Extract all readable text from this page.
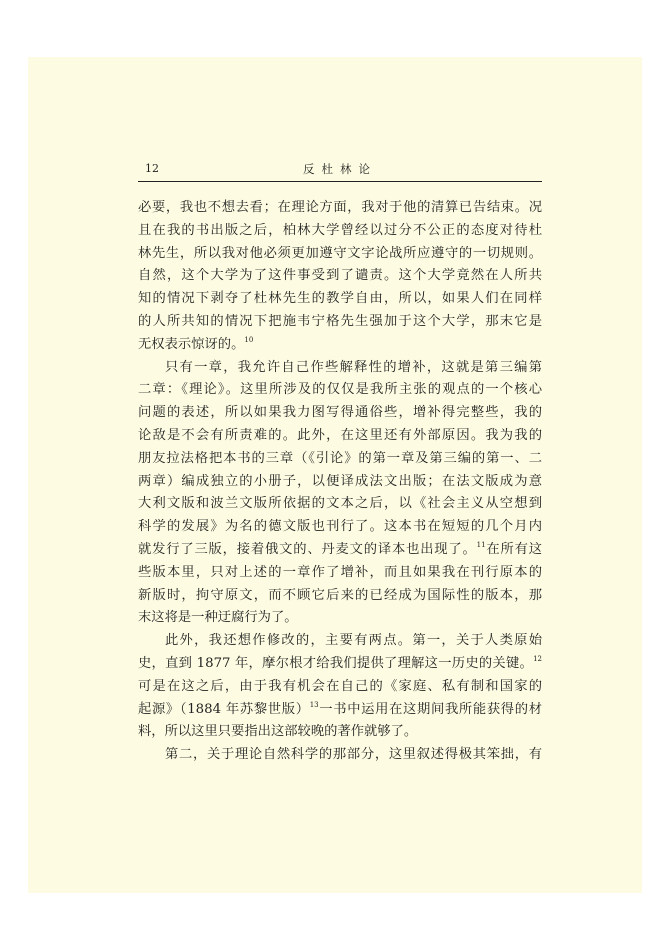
12	反杜林论
必要，我也不想去看；在理论方面，我对于他的清算已告结束。况
且在我的书出版之后，柏林大学曾经以过分不公正的态度对待杜
林先生，所以我对他必须更加遵守文字论战所应遵守的一切规则。
自然，这个大学为了这件事受到了谴责。这个大学竟然在人所共
知的情况下剥夺了杜林先生的教学自由，所以，如果人们在同样
的人所共知的情况下把施韦宁格先生强加于这个大学，那末它是
无权表示惊讶的。$^{10}$
只有一章，我允许自己作些解释性的增补，这就是第三编第
二章：《理论》。这里所涉及的仅仅是我所主张的观点的一个核心
问题的表述，所以如果我力图写得通俗些，增补得完整些，我的
论敌是不会有所责难的。此外，在这里还有外部原因。我为我的
朋友拉法格把本书的三章（《引论》的第一章及第三编的第一、二
两章）编成独立的小册子，以便译成法文出版；在法文版成为意
大利文版和波兰文版所依据的文本之后，以《社会主义从空想到
科学的发展》为名的德文版也刊行了。这本书在短短的几个月内
就发行了三版，接着俄文的、丹麦文的译本也出现了。$^{11}$在所有这
些版本里，只对上述的一章作了增补，而且如果我在刊行原本的
新版时，拘守原文，而不顾它后来的已经成为国际性的版本，那
末这将是一种迂腐行为了。
此外，我还想作修改的，主要有两点。第一，关于人类原始
史，直到 1877 年，摩尔根才给我们提供了理解这一历史的关键。$^{12}$
可是在这之后，由于我有机会在自己的《家庭、私有制和国家的
起源》（1884 年苏黎世版）$^{13}$一书中运用在这期间我所能获得的材
料，所以这里只要指出这部较晚的著作就够了。
第二，关于理论自然科学的那部分，这里叙述得极其笨拙，有
